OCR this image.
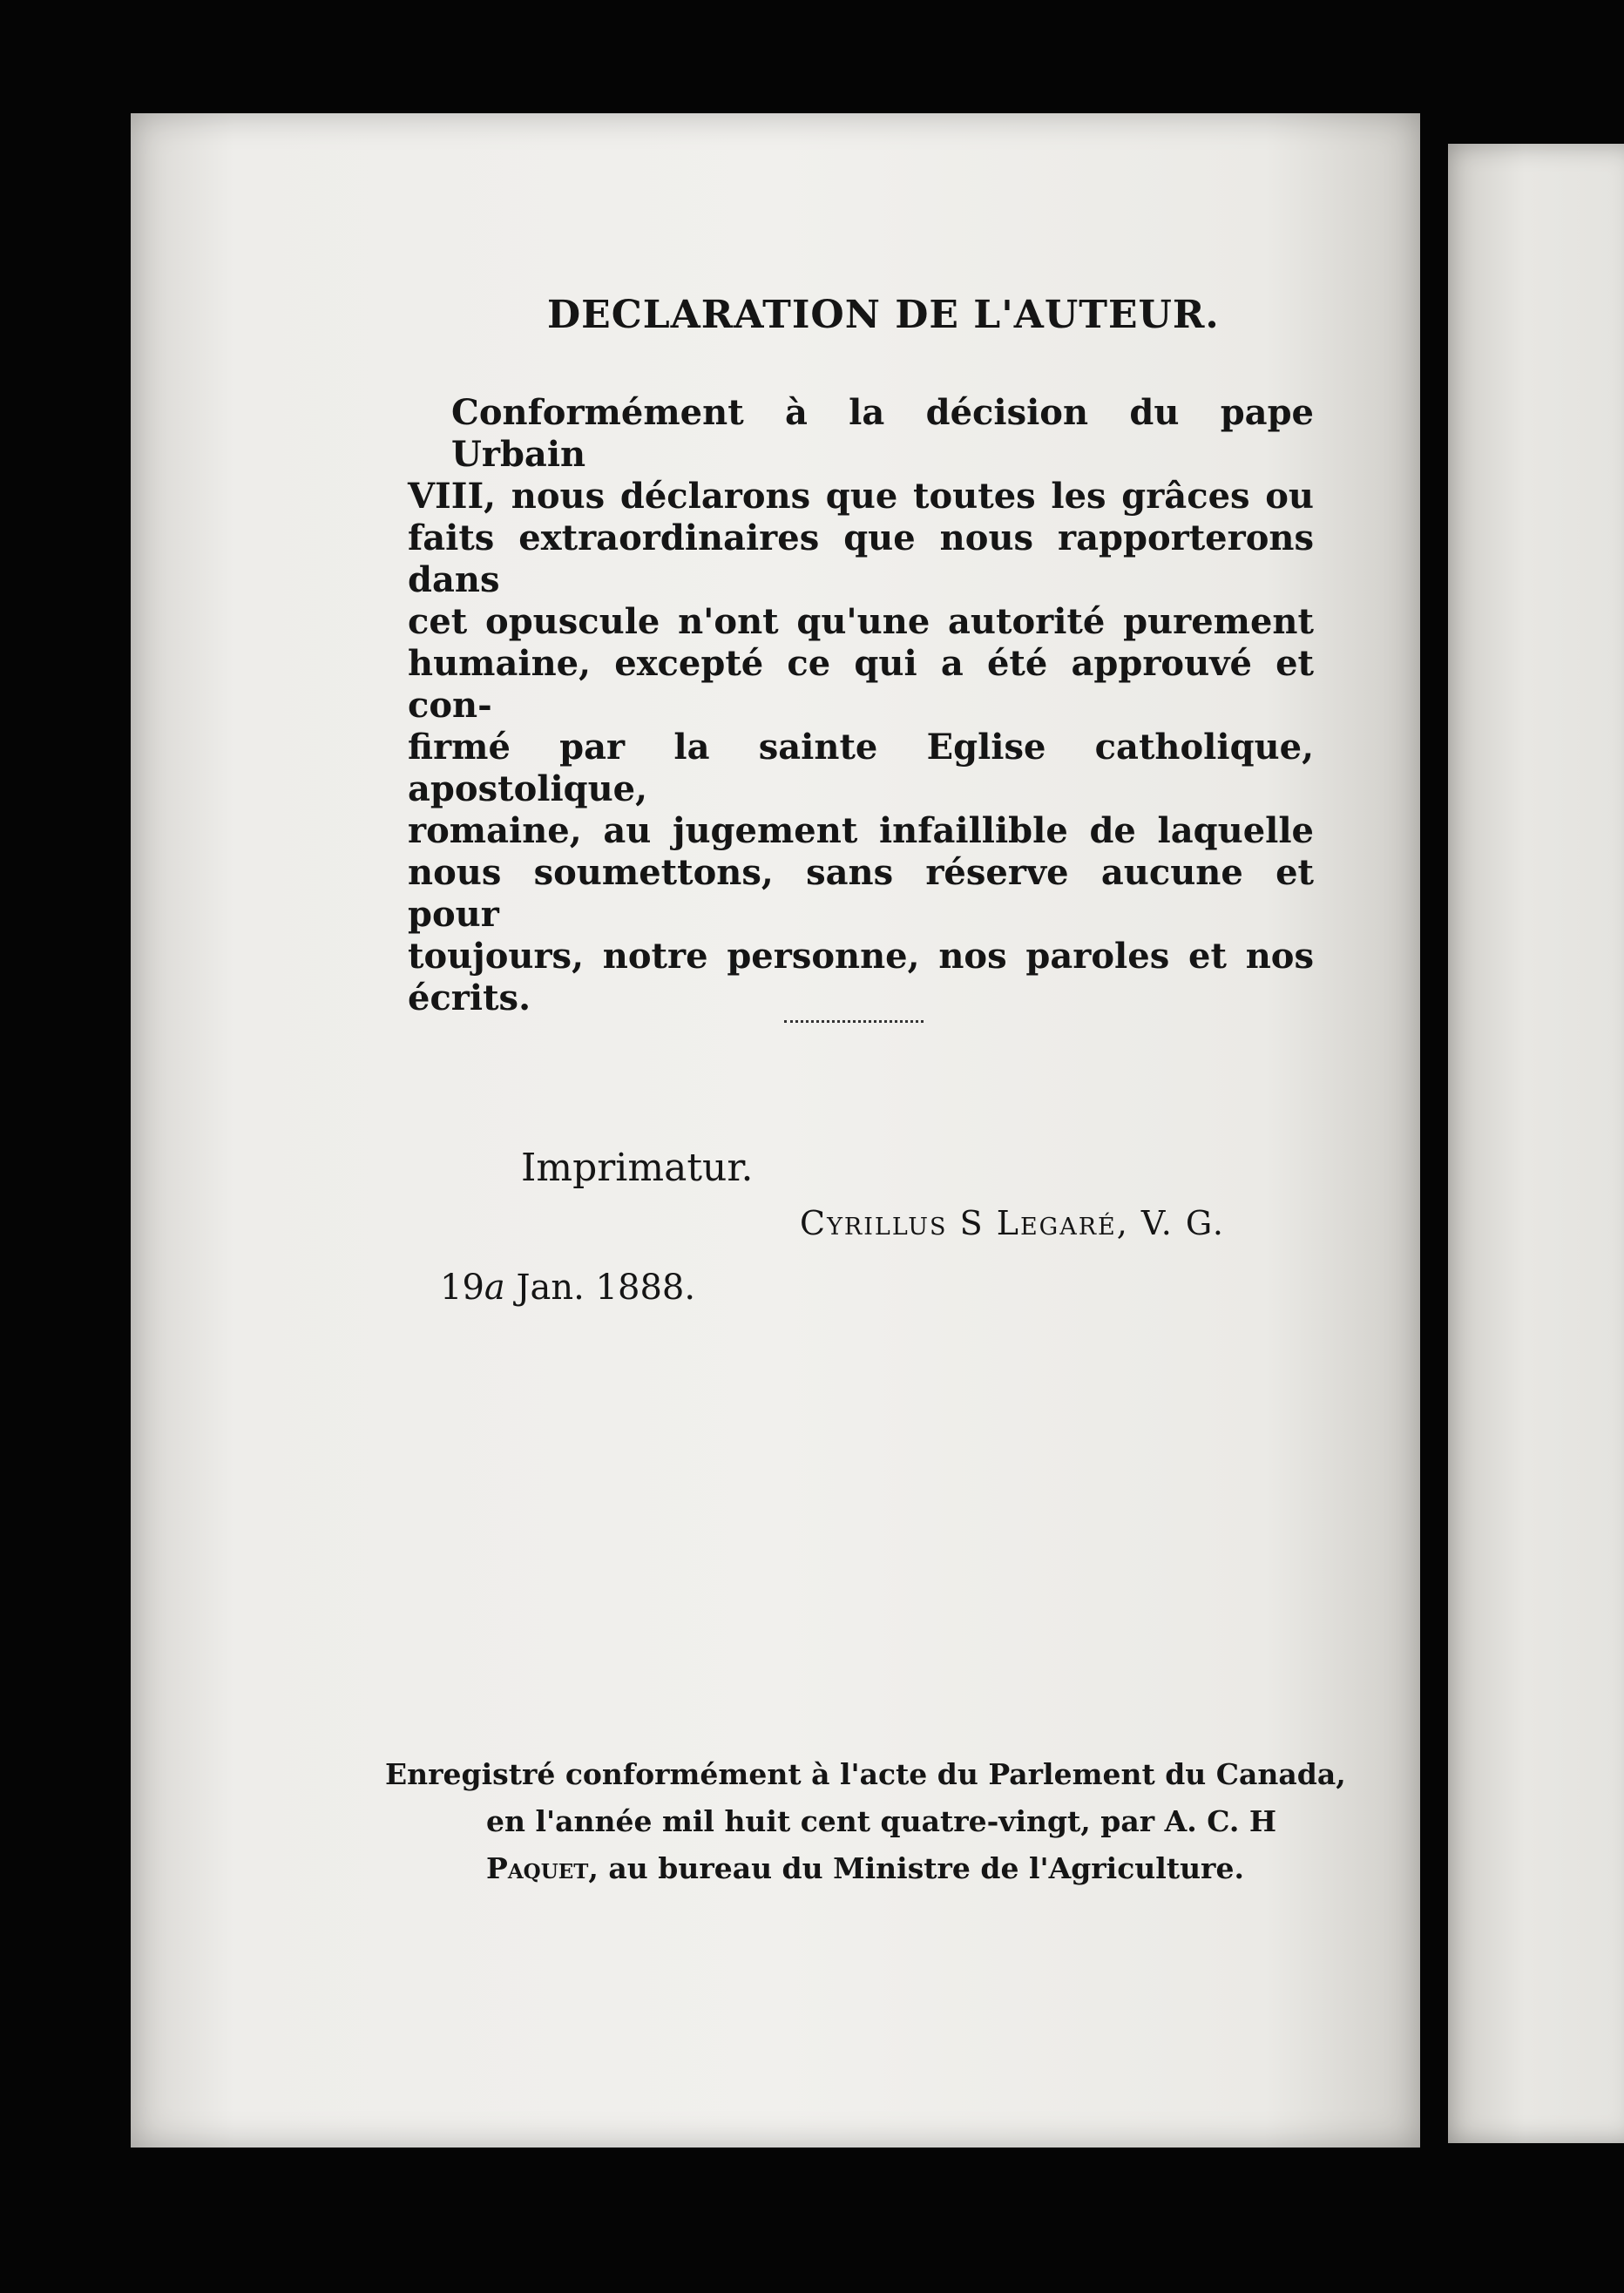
DECLARATION DE L'AUTEUR.
Conformément à la décision du pape Urbain
VIII, nous déclarons que toutes les grâces ou
faits extraordinaires que nous rapporterons dans
cet opuscule n'ont qu'une autorité purement
humaine, excepté ce qui a été approuvé et con-
firmé par la sainte Eglise catholique, apostolique,
romaine, au jugement infaillible de laquelle
nous soumettons, sans réserve aucune et pour
toujours, notre personne, nos paroles et nos
écrits.

Imprimatur.

Cyrillus S Legaré, V. G.

19a Jan. 1888.

Enregistré conformément à l'acte du Parlement du Canada,
en l'année mil huit cent quatre-vingt, par A. C. H
Paquet, au bureau du Ministre de l'Agriculture.
